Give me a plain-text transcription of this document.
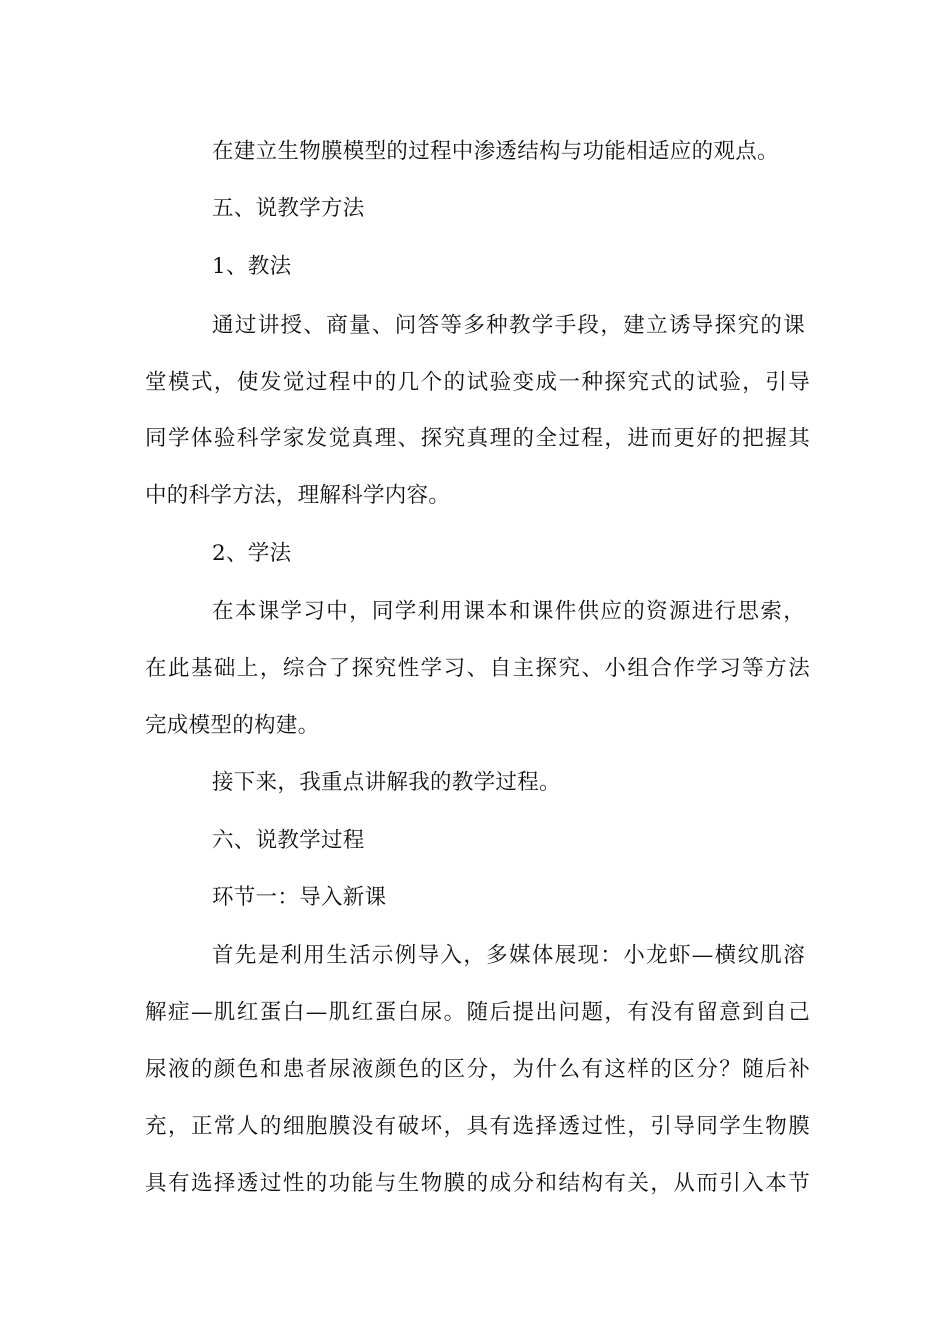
在建立生物膜模型的过程中渗透结构与功能相适应的观点。
五、说教学方法
1、教法
通过讲授、商量、问答等多种教学手段，建立诱导探究的课
堂模式，使发觉过程中的几个的试验变成一种探究式的试验，引导
同学体验科学家发觉真理、探究真理的全过程，进而更好的把握其
中的科学方法，理解科学内容。
2、学法
在本课学习中，同学利用课本和课件供应的资源进行思索，
在此基础上，综合了探究性学习、自主探究、小组合作学习等方法
完成模型的构建。
接下来，我重点讲解我的教学过程。
六、说教学过程
环节一：导入新课
首先是利用生活示例导入，多媒体展现：小龙虾—横纹肌溶
解症—肌红蛋白—肌红蛋白尿。随后提出问题，有没有留意到自己
尿液的颜色和患者尿液颜色的区分，为什么有这样的区分？随后补
充，正常人的细胞膜没有破坏，具有选择透过性，引导同学生物膜
具有选择透过性的功能与生物膜的成分和结构有关，从而引入本节
